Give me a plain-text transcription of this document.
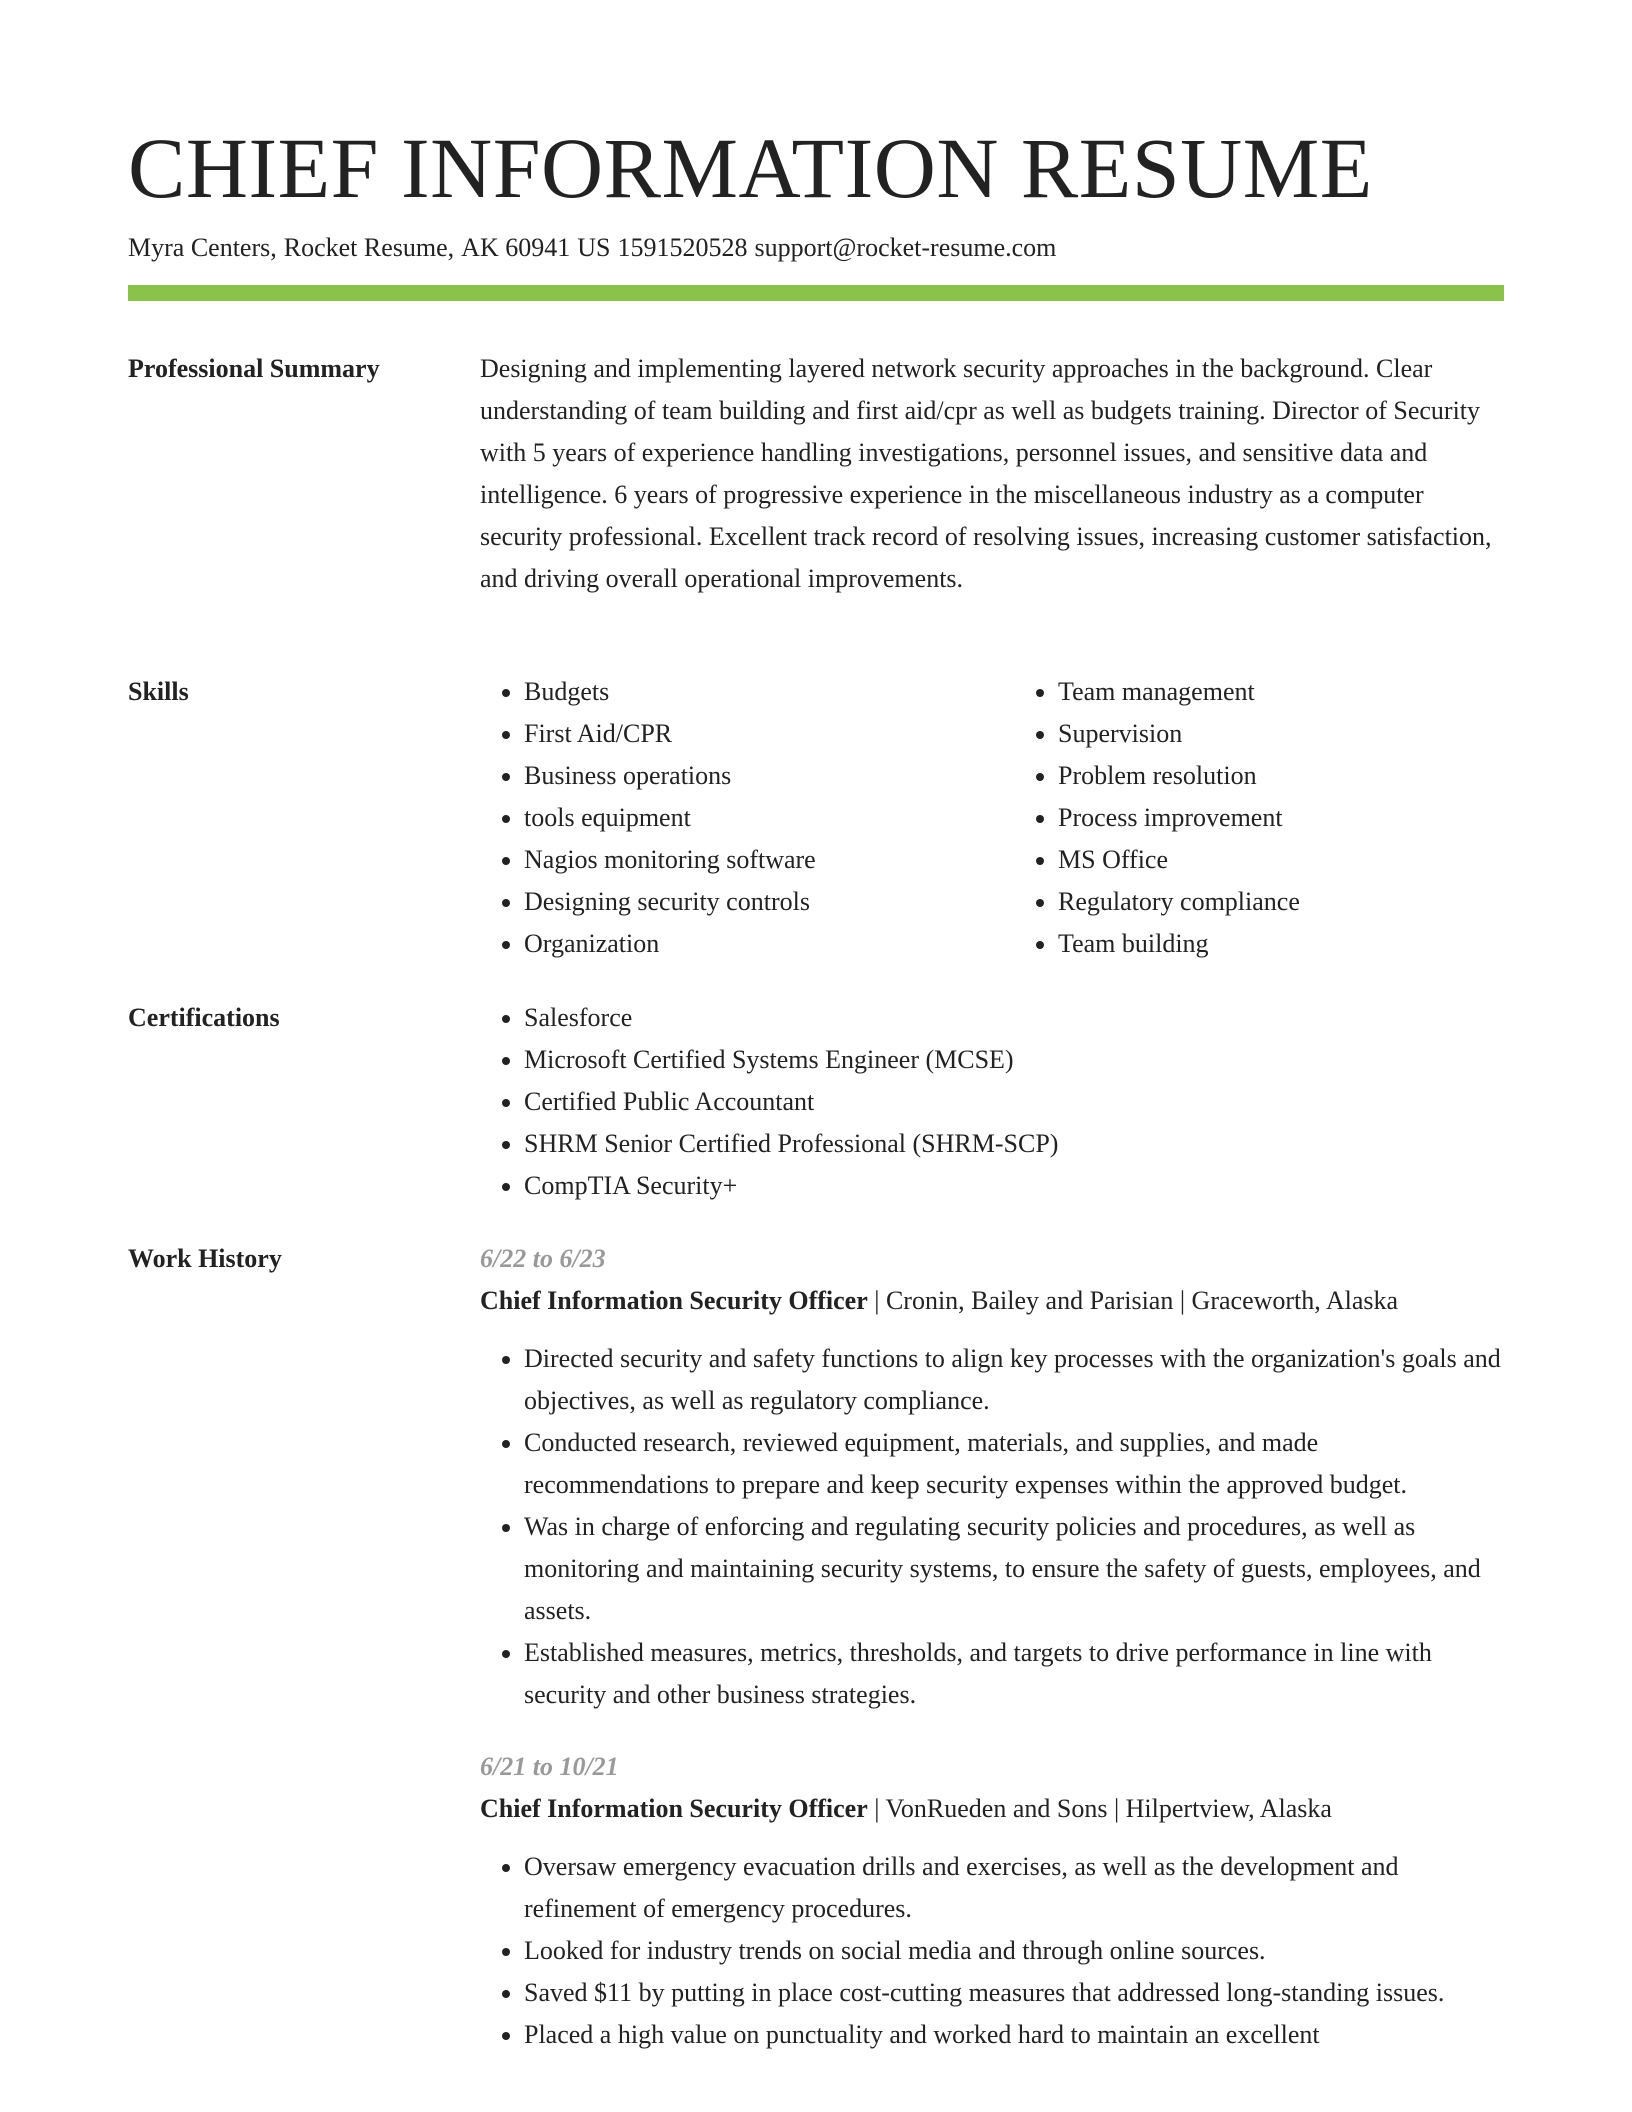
CHIEF INFORMATION RESUME
Myra Centers, Rocket Resume, AK 60941 US 1591520528 support@rocket-resume.com
Professional Summary	Designing and implementing layered network security approaches in the background. Clear understanding of team building and first aid/cpr as well as budgets training. Director of Security with 5 years of experience handling investigations, personnel issues, and sensitive data and intelligence. 6 years of progressive experience in the miscellaneous industry as a computer security professional. Excellent track record of resolving issues, increasing customer satisfaction, and driving overall operational improvements.

Skills	• Budgets
• First Aid/CPR
• Business operations
• tools equipment
• Nagios monitoring software
• Designing security controls
• Organization
• Team management
• Supervision
• Problem resolution
• Process improvement
• MS Office
• Regulatory compliance
• Team building
Certifications	• Salesforce
• Microsoft Certified Systems Engineer (MCSE)
• Certified Public Accountant
• SHRM Senior Certified Professional (SHRM-SCP)
• CompTIA Security+
Work History	6/22 to 6/23
Chief Information Security Officer | Cronin, Bailey and Parisian | Graceworth, Alaska
• Directed security and safety functions to align key processes with the organization's goals and objectives, as well as regulatory compliance.
• Conducted research, reviewed equipment, materials, and supplies, and made recommendations to prepare and keep security expenses within the approved budget.
• Was in charge of enforcing and regulating security policies and procedures, as well as monitoring and maintaining security systems, to ensure the safety of guests, employees, and assets.
• Established measures, metrics, thresholds, and targets to drive performance in line with security and other business strategies.
6/21 to 10/21
Chief Information Security Officer | VonRueden and Sons | Hilpertview, Alaska
• Oversaw emergency evacuation drills and exercises, as well as the development and refinement of emergency procedures.
• Looked for industry trends on social media and through online sources.
• Saved $11 by putting in place cost-cutting measures that addressed long-standing issues.
• Placed a high value on punctuality and worked hard to maintain an excellent
